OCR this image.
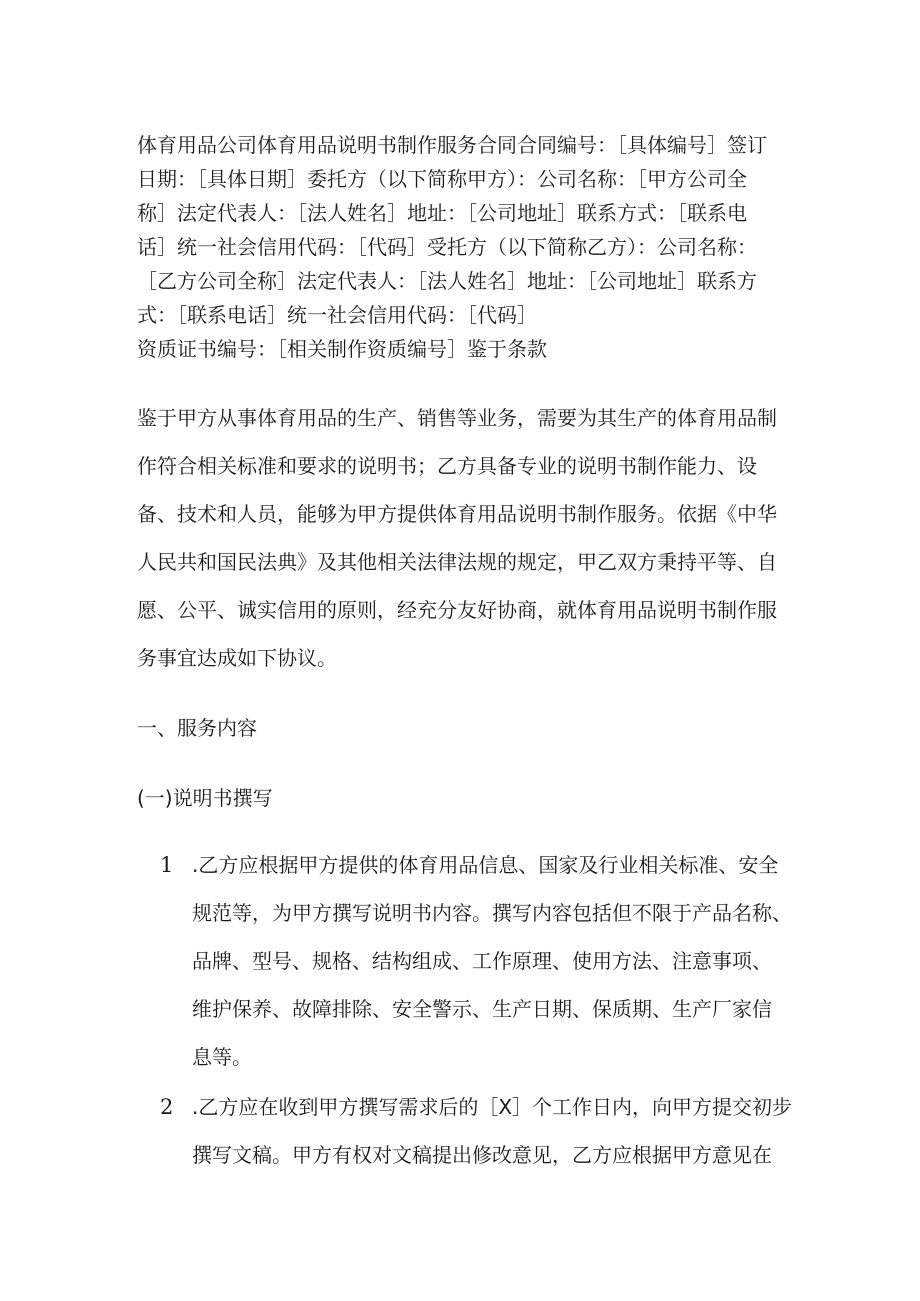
体育用品公司体育用品说明书制作服务合同合同编号：［具体编号］签订
日期：［具体日期］委托方（以下简称甲方）：公司名称：［甲方公司全
称］法定代表人：［法人姓名］地址：［公司地址］联系方式：［联系电
话］统一社会信用代码：［代码］受托方（以下简称乙方）：公司名称：
［乙方公司全称］法定代表人：［法人姓名］地址：［公司地址］联系方
式：［联系电话］统一社会信用代码：［代码］
资质证书编号：［相关制作资质编号］鉴于条款
鉴于甲方从事体育用品的生产、销售等业务，需要为其生产的体育用品制
作符合相关标准和要求的说明书；乙方具备专业的说明书制作能力、设
备、技术和人员，能够为甲方提供体育用品说明书制作服务。依据《中华
人民共和国民法典》及其他相关法律法规的规定，甲乙双方秉持平等、自
愿、公平、诚实信用的原则，经充分友好协商，就体育用品说明书制作服
务事宜达成如下协议。
一、服务内容
(一)说明书撰写
1 .乙方应根据甲方提供的体育用品信息、国家及行业相关标准、安全
规范等，为甲方撰写说明书内容。撰写内容包括但不限于产品名称、
品牌、型号、规格、结构组成、工作原理、使用方法、注意事项、
维护保养、故障排除、安全警示、生产日期、保质期、生产厂家信
息等。
2 .乙方应在收到甲方撰写需求后的［X］个工作日内，向甲方提交初步
撰写文稿。甲方有权对文稿提出修改意见，乙方应根据甲方意见在
